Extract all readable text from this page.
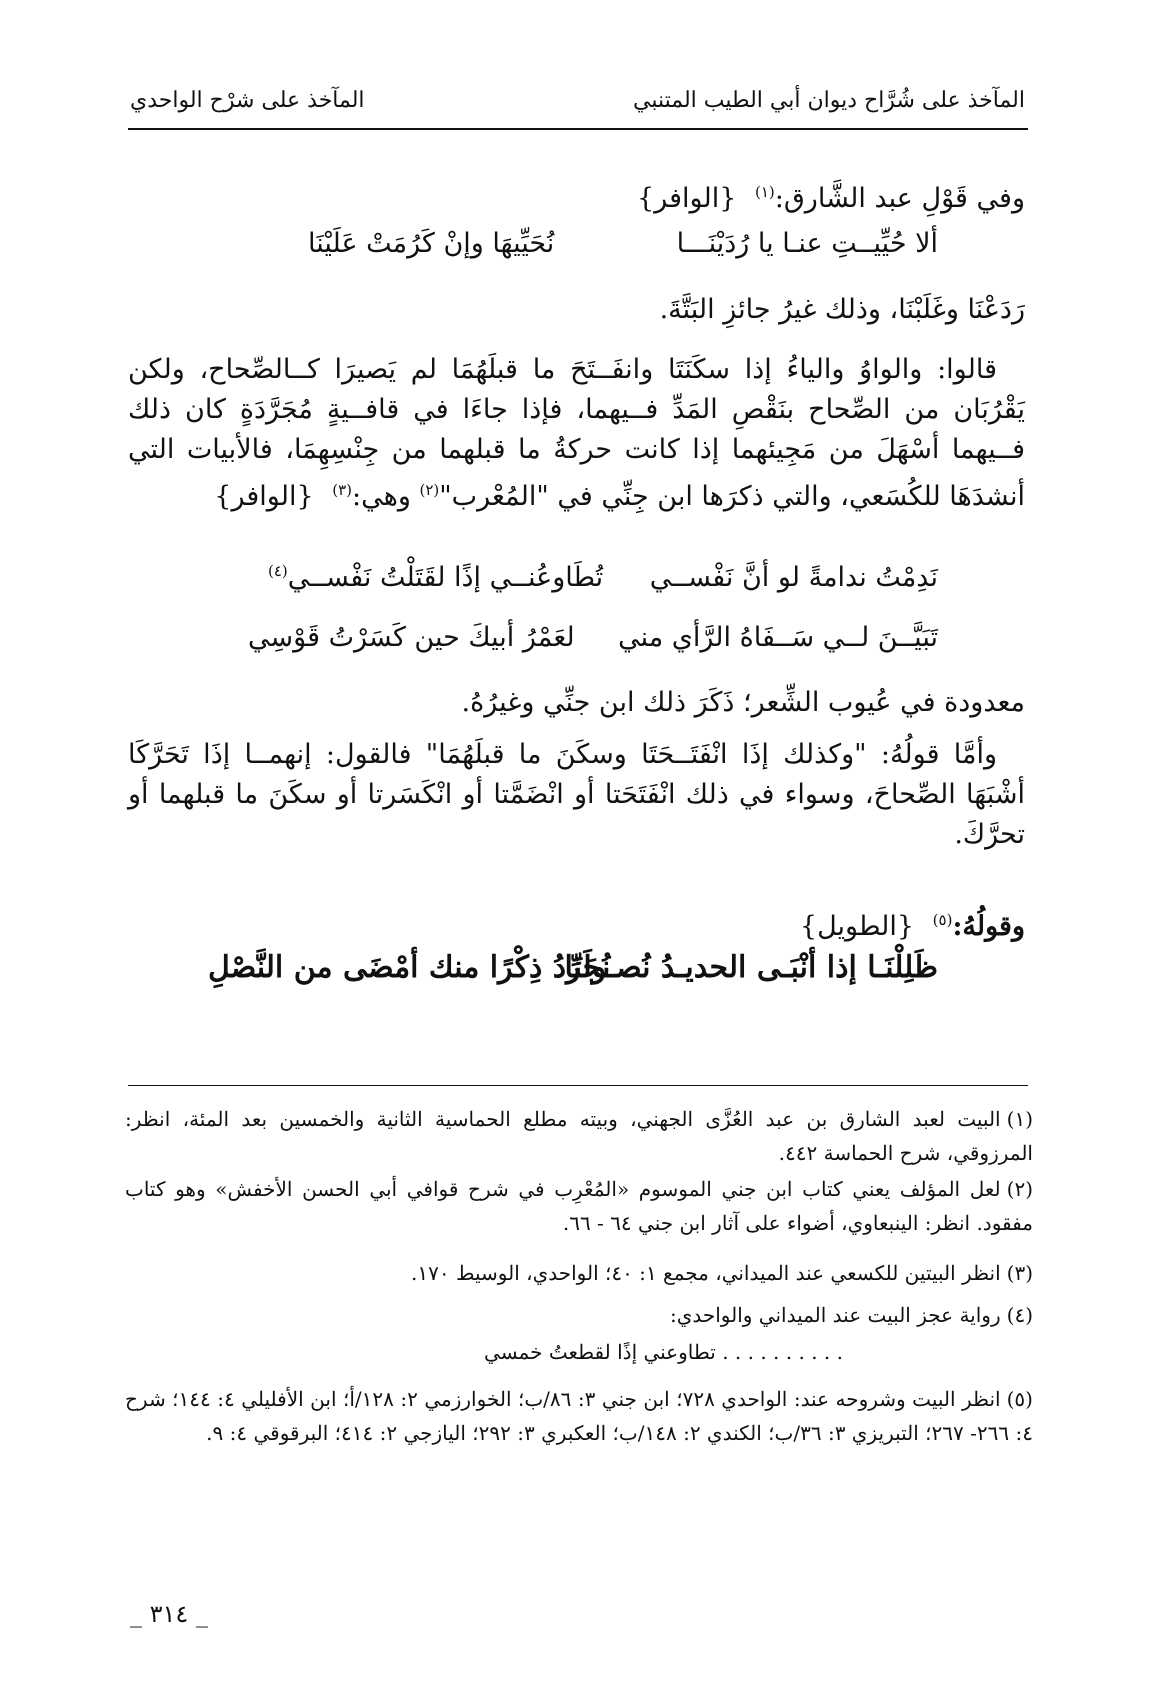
المآخذ على شُرَّاح ديوان أبي الطيب المتنبي
المآخذ على شرْح الواحدي
وفي قَوْلِ عبد الشَّارق:$^{(١)}$ {الوافر}
ألا حُيِّيــتِ عنـا يا رُدَيْنَـــا
نُحَيِّيهَا وإنْ كَرُمَتْ عَلَيْنَا
رَدَعْنَا وغَلَبْنَا، وذلك غيرُ جائزِ البَتَّةَ.
قالوا: والواوُ والياءُ إذا سكَنَتَا وانفَــتَحَ ما قبلَهُمَا لم يَصيرَا كــالصِّحاح، ولكن يَقْرُبَان من الصِّحاح بنَقْصِ المَدِّ فــيهما، فإذا جاءَا في قافــيةٍ مُجَرَّدَةٍ كان ذلك فــيهما أسْهَلَ من مَجِيئهما إذا كانت حركةُ ما قبلهما من جِنْسِهِمَا، فالأبيات التي أنشدَهَا للكُسَعي، والتي ذكرَها ابن جِنِّي في "المُعْرب"$^{(٢)}$ وهي:$^{(٣)}$ {الوافر}
نَدِمْتُ ندامةً لو أنَّ نَفْســي
تُطَاوعُنــي إذًا لقَتَلْتُ نَفْســي$^{(٤)}$
تَبَيَّــنَ لــي سَــفَاهُ الرَّأي مني
لعَمْرُ أبيكَ حين كَسَرْتُ قَوْسِي
معدودة في عُيوب الشِّعر؛ ذَكَرَ ذلك ابن جنِّي وغيرُهُ.
وأمَّا قولُهُ: "وكذلك إذَا انْفَتَــحَتَا وسكَنَ ما قبلَهُمَا" فالقول: إنهمــا إذَا تَحَرَّكَا أشْبَهَا الصِّحاحَ، وسواء في ذلك انْفَتَحَتا أو انْضَمَّتا أو انْكَسَرتا أو سكَنَ ما قبلهما أو تحرَّكَ.
وقولُهُ:$^{(٥)}$ {الطويل}
ظَلِلْنَـا إذا أنْبَـى الحديـدُ نُصـولَنَا
نُجَرِّدُ ذِكْرًا منك أمْضَى من النَّصْلِ
(١)البيت لعبد الشارق بن عبد العُزَّى الجهني، وبيته مطلع الحماسية الثانية والخمسين بعد المئة، انظر: المرزوقي، شرح الحماسة ٤٤٢.
(٢)لعل المؤلف يعني كتاب ابن جني الموسوم «المُعْرِب في شرح قوافي أبي الحسن الأخفش» وهو كتاب مفقود. انظر: الينبعاوي، أضواء على آثار ابن جني ٦٤ - ٦٦.
(٣)انظر البيتين للكسعي عند الميداني، مجمع ١: ٤٠؛ الواحدي، الوسيط ١٧٠.
(٤)رواية عجز البيت عند الميداني والواحدي:
. . . . . . . . . . تطاوعني إذًا لقطعتُ خمسي
(٥)انظر البيت وشروحه عند: الواحدي ٧٢٨؛ ابن جني ٣: ٨٦/ب؛ الخوارزمي ٢: ١٢٨/أ؛ ابن الأفليلي ٤: ١٤٤؛ شرح ٤: ٢٦٦- ٢٦٧؛ التبريزي ٣: ٣٦/ب؛ الكندي ٢: ١٤٨/ب؛ العكبري ٣: ٢٩٢؛ اليازجي ٢: ٤١٤؛ البرقوقي ٤: ٩.
_ ٣١٤ _
